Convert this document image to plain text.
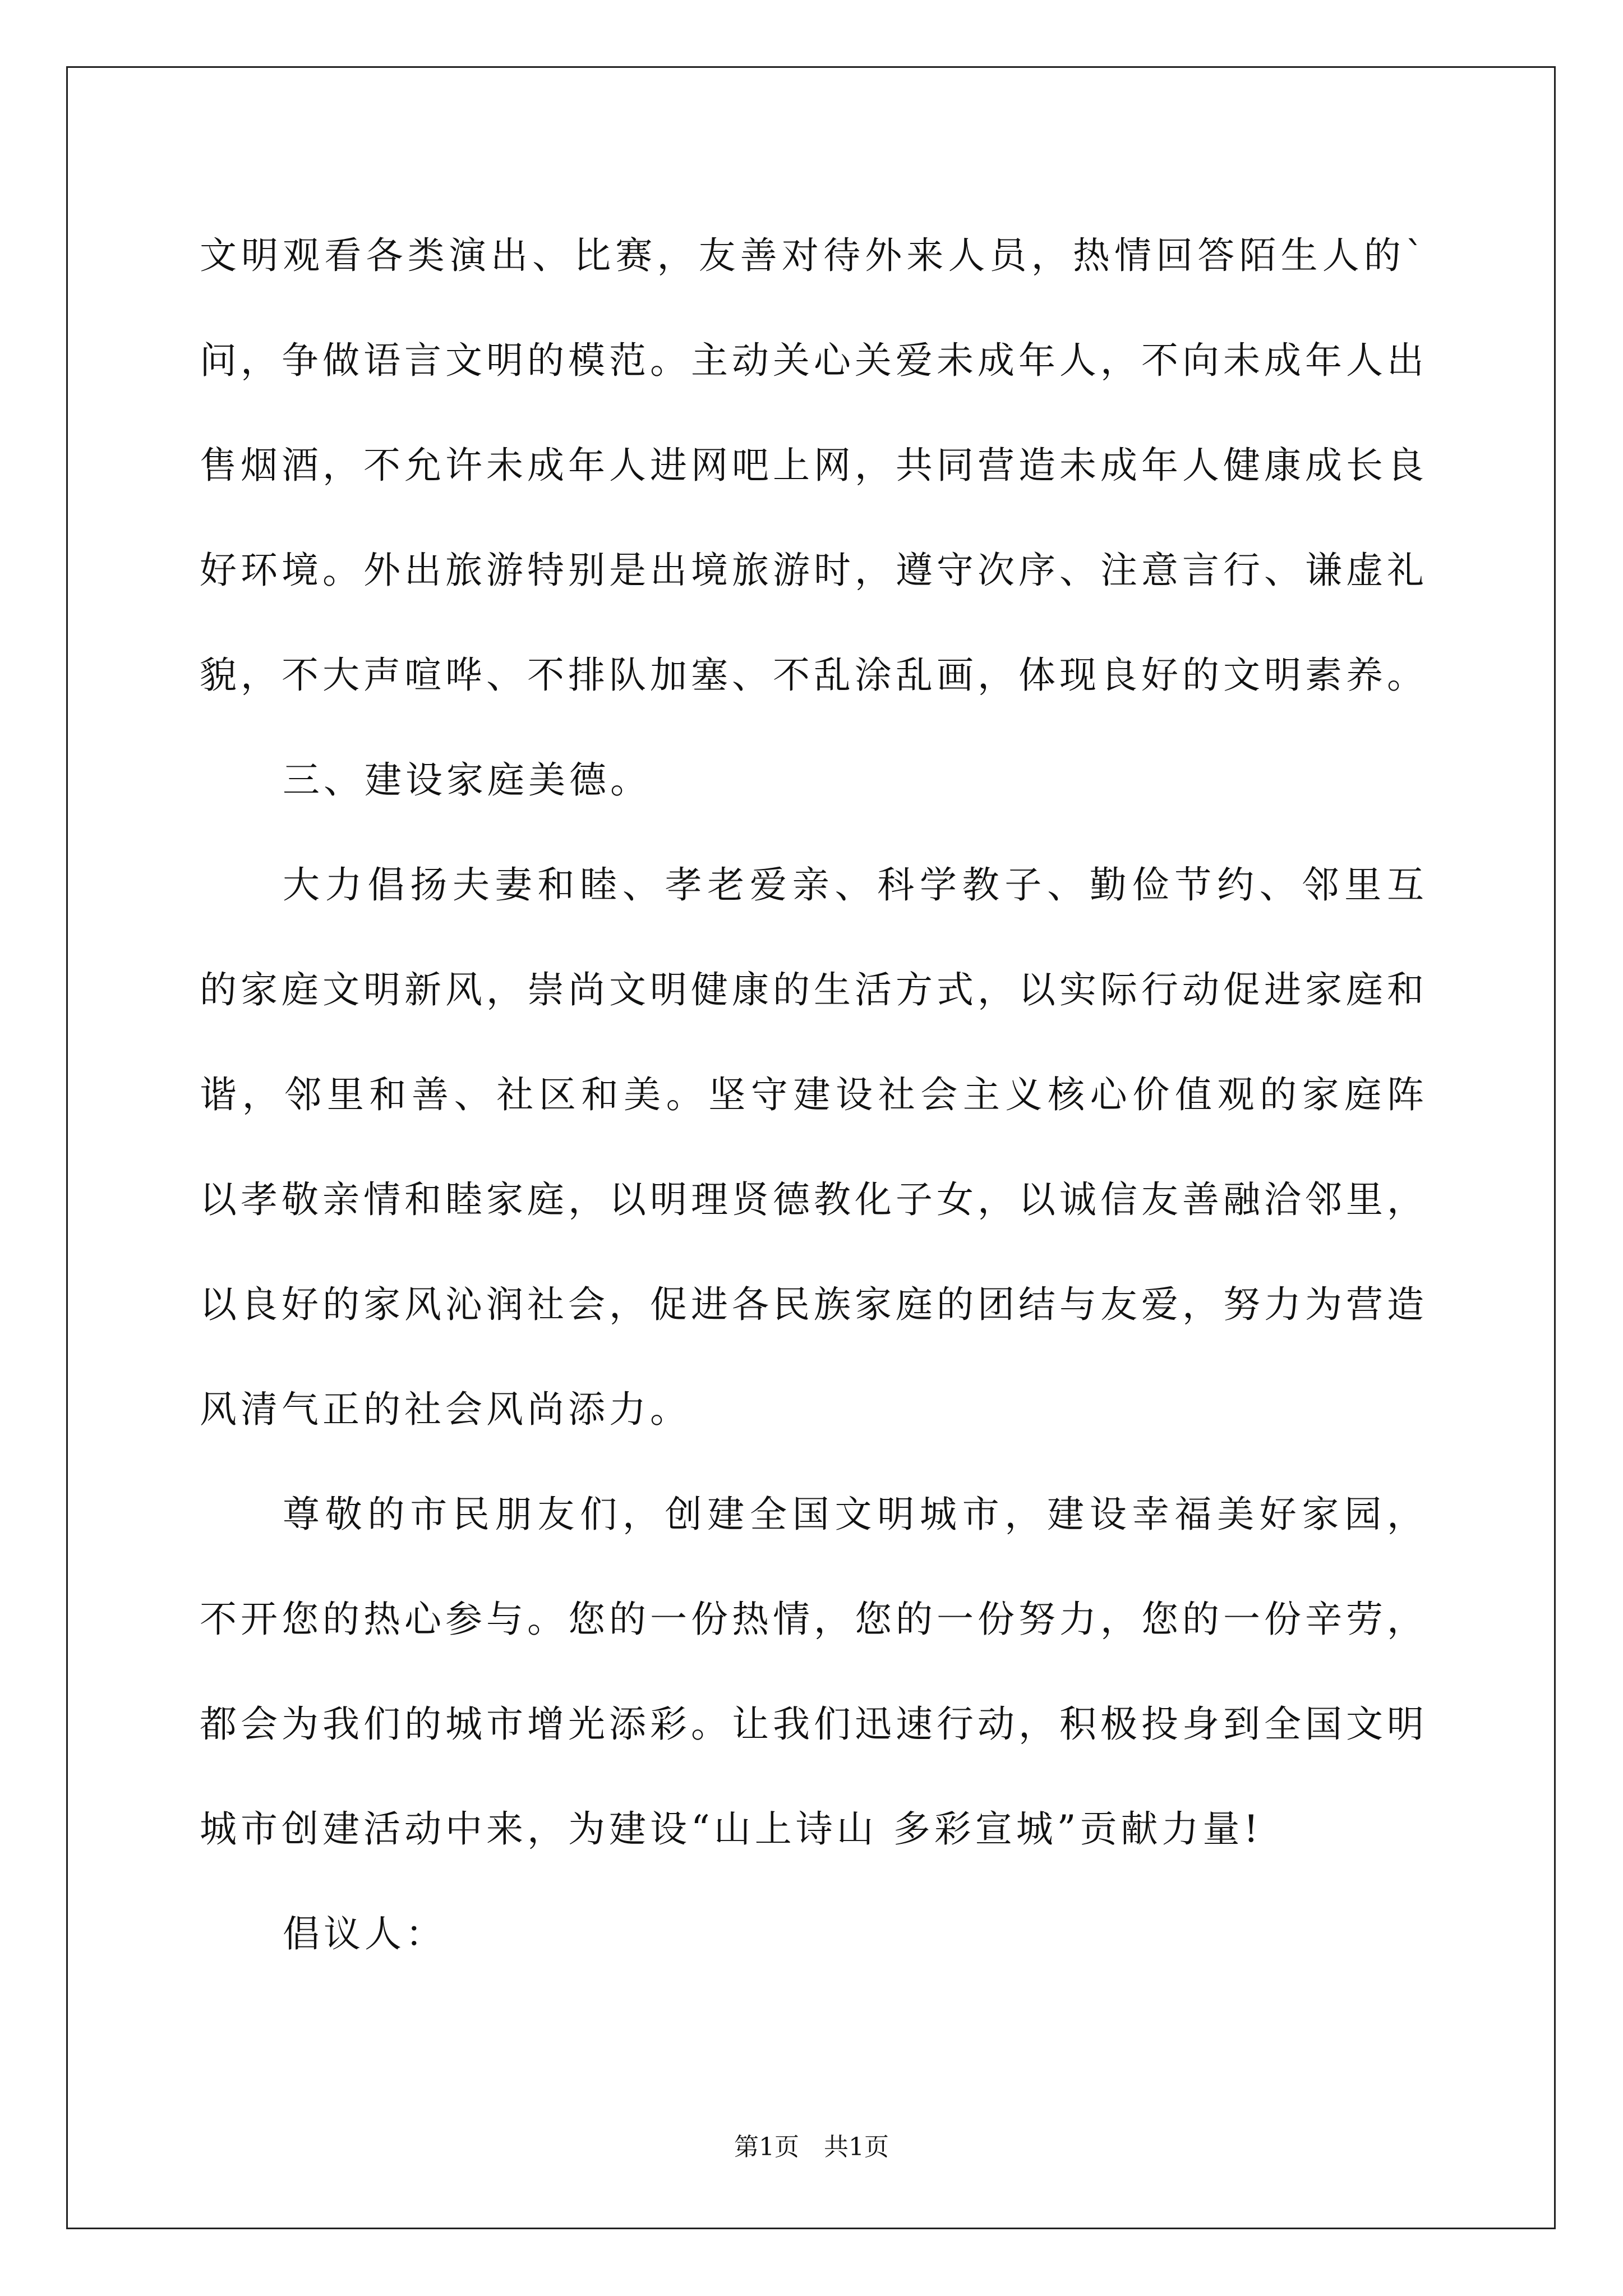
文明观看各类演出、比赛，友善对待外来人员，热情回答陌生人的`
问，争做语言文明的模范。主动关心关爱未成年人，不向未成年人出
售烟酒，不允许未成年人进网吧上网，共同营造未成年人健康成长良
好环境。外出旅游特别是出境旅游时，遵守次序、注意言行、谦虚礼
貌，不大声喧哗、不排队加塞、不乱涂乱画，体现良好的文明素养。
三、建设家庭美德。
大力倡扬夫妻和睦、孝老爱亲、科学教子、勤俭节约、邻里互
的家庭文明新风，崇尚文明健康的生活方式，以实际行动促进家庭和
谐，邻里和善、社区和美。坚守建设社会主义核心价值观的家庭阵
以孝敬亲情和睦家庭，以明理贤德教化子女，以诚信友善融洽邻里，
以良好的家风沁润社会，促进各民族家庭的团结与友爱，努力为营造
风清气正的社会风尚添力。
尊敬的市民朋友们，创建全国文明城市，建设幸福美好家园，
不开您的热心参与。您的一份热情，您的一份努力，您的一份辛劳，
都会为我们的城市增光添彩。让我们迅速行动，积极投身到全国文明
城市创建活动中来，为建设“山上诗山 多彩宣城”贡献力量!
倡议人：
第1页　共1页
